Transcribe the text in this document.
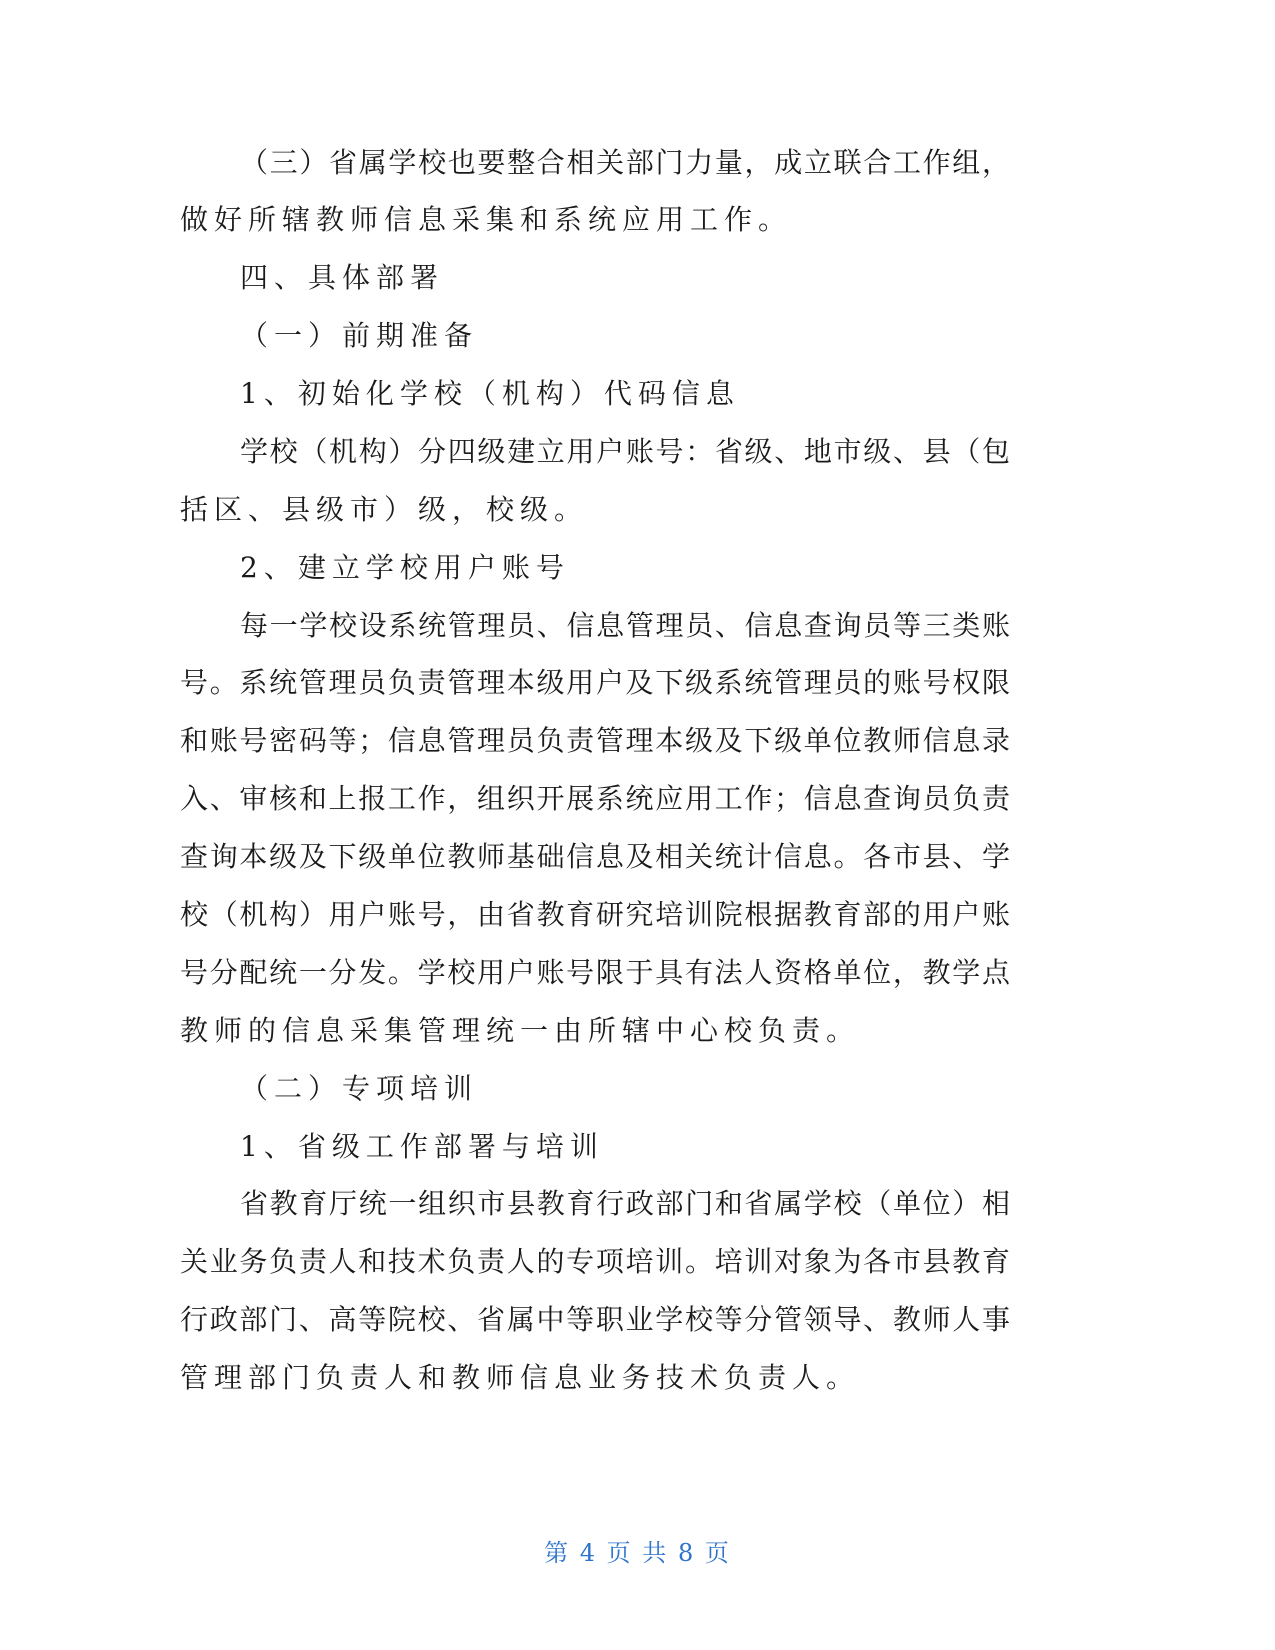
（三）省属学校也要整合相关部门力量，成立联合工作组，
做好所辖教师信息采集和系统应用工作。
四、具体部署
（一）前期准备
1、初始化学校（机构）代码信息
学校（机构）分四级建立用户账号：省级、地市级、县（包
括区、县级市）级，校级。
2、建立学校用户账号
每一学校设系统管理员、信息管理员、信息查询员等三类账
号。系统管理员负责管理本级用户及下级系统管理员的账号权限
和账号密码等；信息管理员负责管理本级及下级单位教师信息录
入、审核和上报工作，组织开展系统应用工作；信息查询员负责
查询本级及下级单位教师基础信息及相关统计信息。各市县、学
校（机构）用户账号，由省教育研究培训院根据教育部的用户账
号分配统一分发。学校用户账号限于具有法人资格单位，教学点
教师的信息采集管理统一由所辖中心校负责。
（二）专项培训
1、省级工作部署与培训
省教育厅统一组织市县教育行政部门和省属学校（单位）相
关业务负责人和技术负责人的专项培训。培训对象为各市县教育
行政部门、高等院校、省属中等职业学校等分管领导、教师人事
管理部门负责人和教师信息业务技术负责人。
第 4 页 共 8 页
